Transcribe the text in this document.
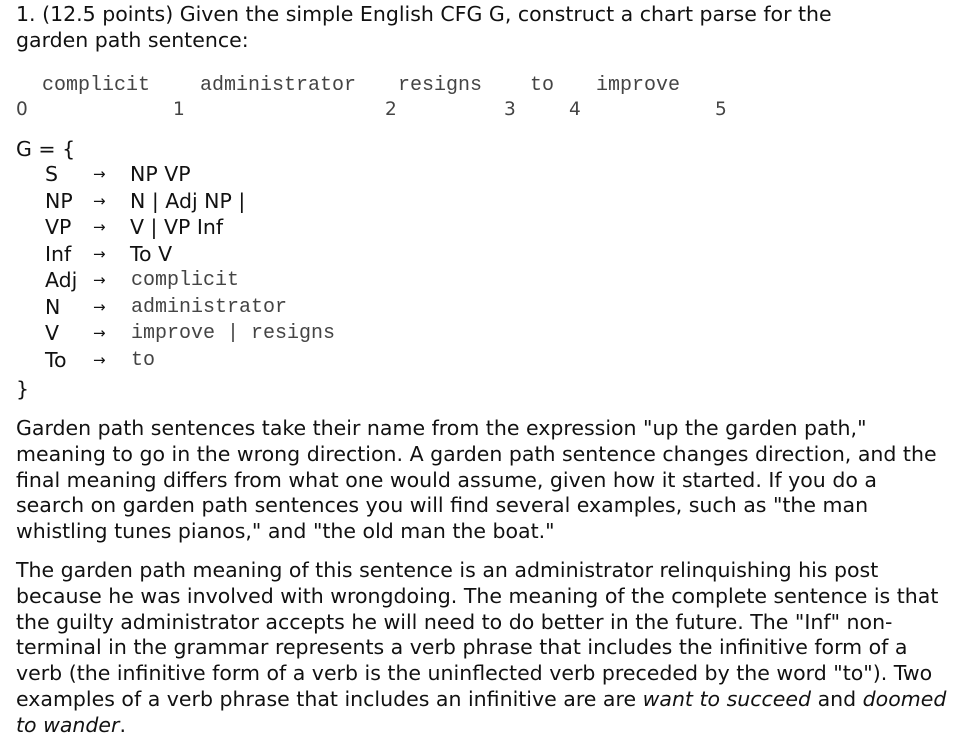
1. (12.5 points) Given the simple English CFG G, construct a chart parse for the
garden path sentence:
complicit administrator resigns to improve
0	1	2	3	4	5
G = {
S → NP VP
NP → N | Adj NP |
VP → V | VP Inf
Inf → To V
Adj → complicit
N → administrator
V → improve | resigns
To → to
}
Garden path sentences take their name from the expression "up the garden path," meaning to go in the wrong direction. A garden path sentence changes direction, and the final meaning differs from what one would assume, given how it started. If you do a search on garden path sentences you will find several examples, such as "the man whistling tunes pianos," and "the old man the boat."
The garden path meaning of this sentence is an administrator relinquishing his post because he was involved with wrongdoing. The meaning of the complete sentence is that the guilty administrator accepts he will need to do better in the future. The "Inf" non-terminal in the grammar represents a verb phrase that includes the infinitive form of a verb (the infinitive form of a verb is the uninflected verb preceded by the word "to"). Two examples of a verb phrase that includes an infinitive are are want to succeed and doomed to wander.
